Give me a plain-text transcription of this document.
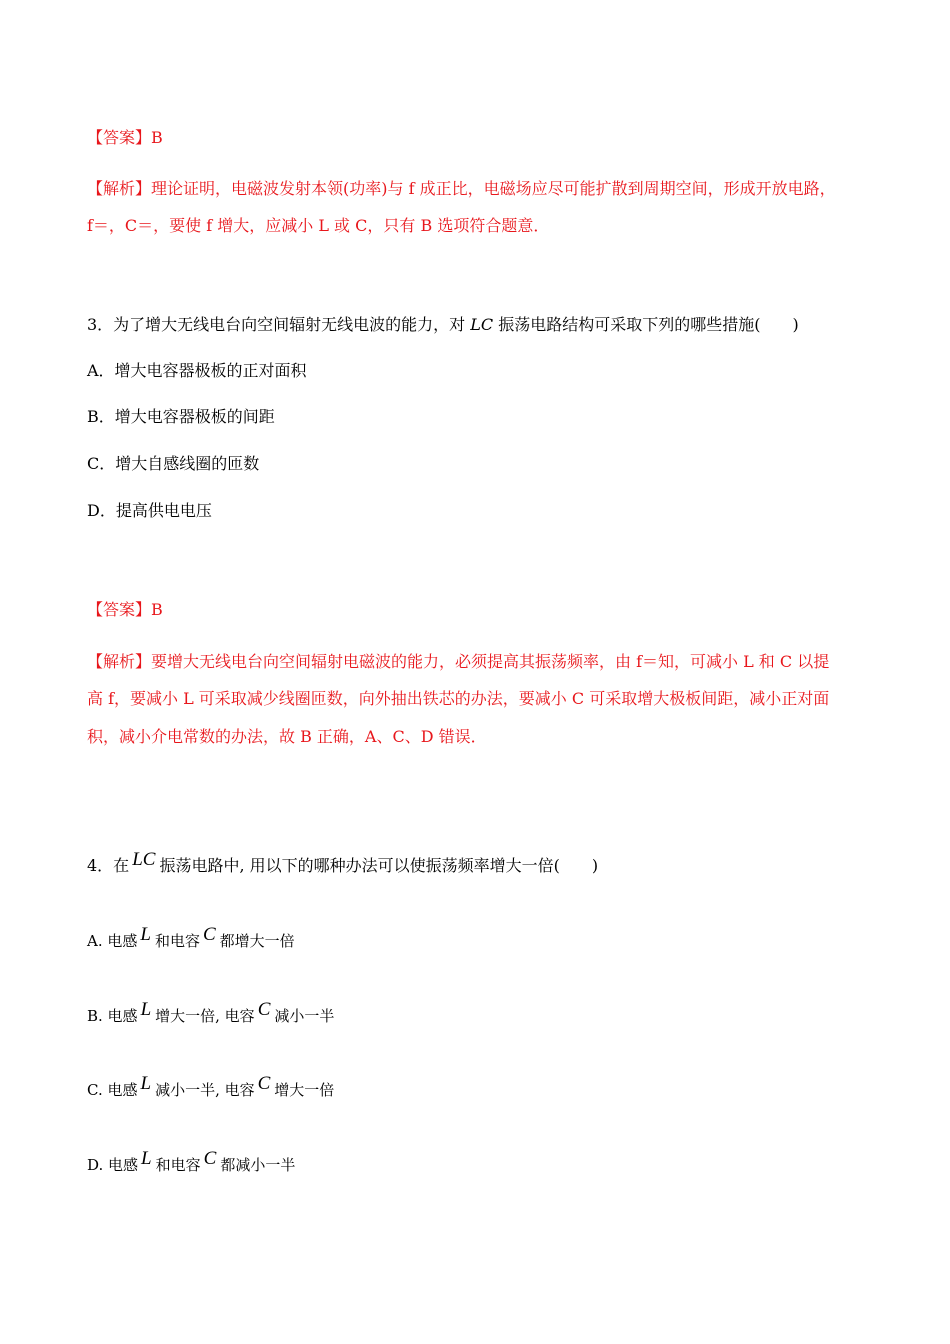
【答案】B
【解析】理论证明，电磁波发射本领(功率)与 f 成正比，电磁场应尽可能扩散到周期空间，形成开放电路，
f＝，C＝，要使 f 增大，应减小 L 或 C，只有 B 选项符合题意．
3．为了增大无线电台向空间辐射无线电波的能力，对 LC 振荡电路结构可采取下列的哪些措施(　　)
A．增大电容器极板的正对面积
B．增大电容器极板的间距
C．增大自感线圈的匝数
D．提高供电电压
【答案】B
【解析】要增大无线电台向空间辐射电磁波的能力，必须提高其振荡频率，由 f＝知，可减小 L 和 C 以提
高 f，要减小 L 可采取减少线圈匝数，向外抽出铁芯的办法，要减小 C 可采取增大极板间距，减小正对面
积，减小介电常数的办法，故 B 正确，A、C、D 错误．
4．在 LC 振荡电路中, 用以下的哪种办法可以使振荡频率增大一倍(　　)
A. 电感 L 和电容 C 都增大一倍
B. 电感 L 增大一倍, 电容 C 减小一半
C. 电感 L 减小一半, 电容 C 增大一倍
D. 电感 L 和电容 C 都减小一半
